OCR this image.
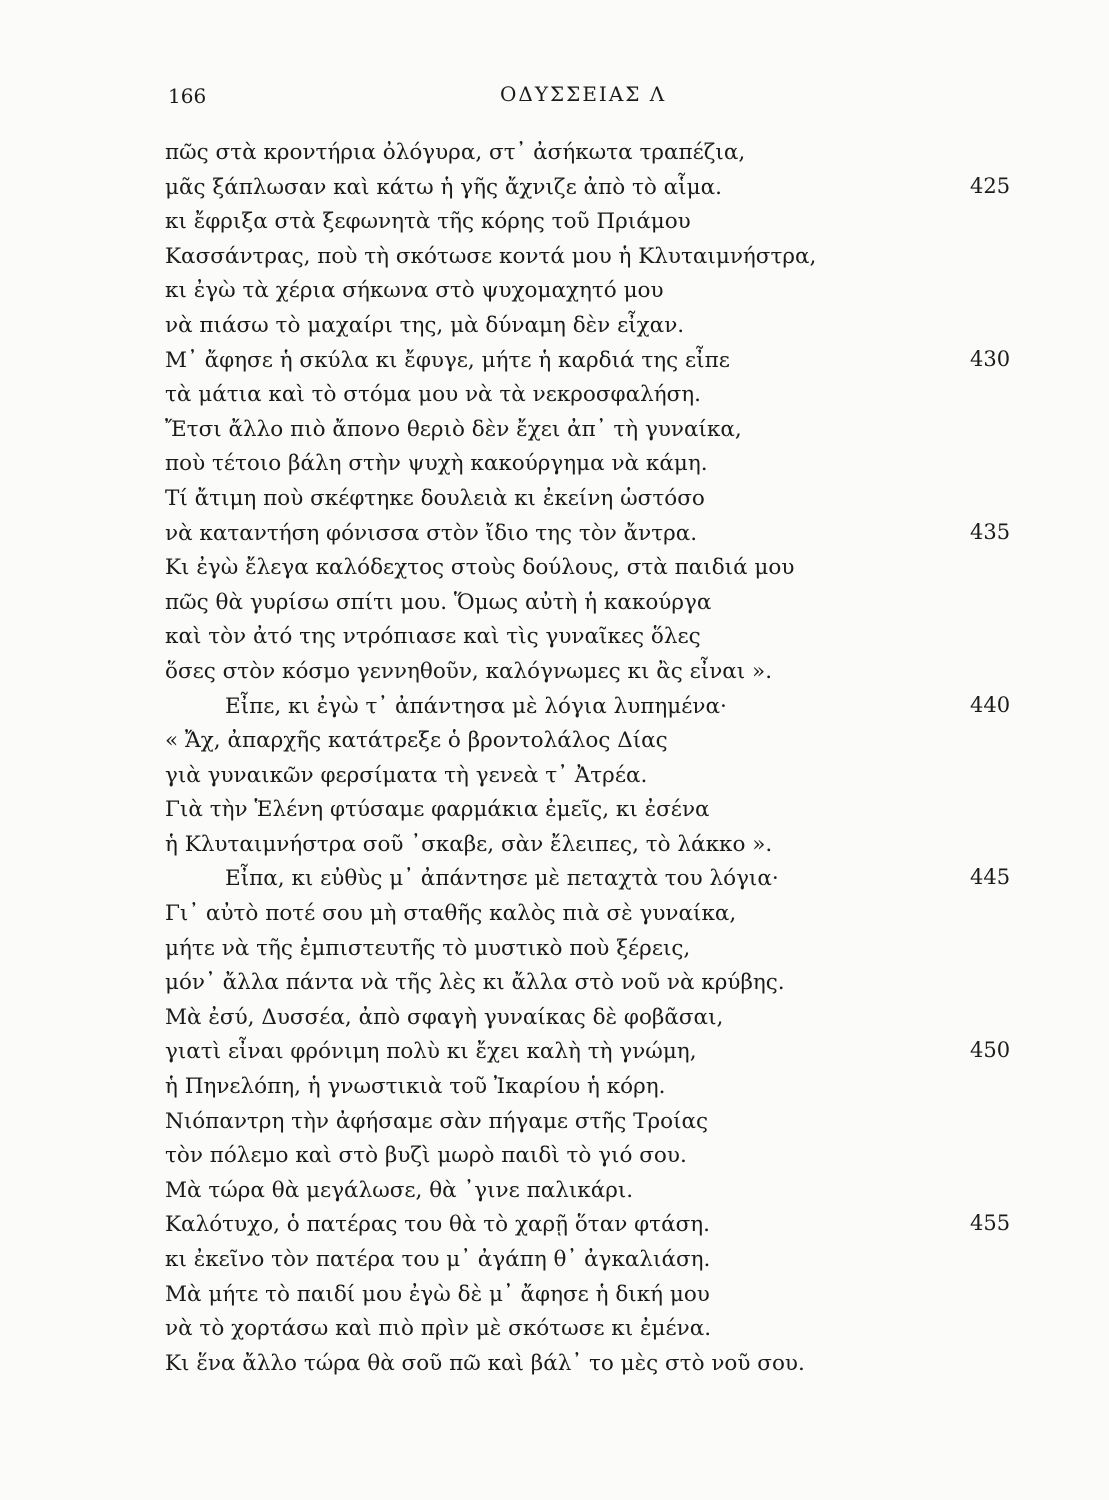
166	ΟΔΥΣΣΕΙΑΣ Λ
πῶς στὰ κροντήρια ὀλόγυρα, στ᾿ ἀσήκωτα τραπέζια,
μᾶς ξάπλωσαν καὶ κάτω ἡ γῆς ἄχνιζε ἀπὸ τὸ αἷμα.	425
κι ἔφριξα στὰ ξεφωνητὰ τῆς κόρης τοῦ Πριάμου
Κασσάντρας, ποὺ τὴ σκότωσε κοντά μου ἡ Κλυταιμνήστρα,
κι ἐγὼ τὰ χέρια σήκωνα στὸ ψυχομαχητό μου
νὰ πιάσω τὸ μαχαίρι της, μὰ δύναμη δὲν εἶχαν.
Μ᾿ ἄφησε ἡ σκύλα κι ἔφυγε, μήτε ἡ καρδιά της εἶπε	430
τὰ μάτια καὶ τὸ στόμα μου νὰ τὰ νεκροσφαλήση.
Ἔτσι ἄλλο πιὸ ἄπονο θεριὸ δὲν ἔχει ἀπ᾿ τὴ γυναίκα,
ποὺ τέτοιο βάλη στὴν ψυχὴ κακούργημα νὰ κάμη.
Τί ἄτιμη ποὺ σκέφτηκε δουλειὰ κι ἐκείνη ὡστόσο
νὰ καταντήση φόνισσα στὸν ἴδιο της τὸν ἄντρα.	435
Κι ἐγὼ ἔλεγα καλόδεχτος στοὺς δούλους, στὰ παιδιά μου
πῶς θὰ γυρίσω σπίτι μου. Ὅμως αὐτὴ ἡ κακούργα
καὶ τὸν ἀτό της ντρόπιασε καὶ τὶς γυναῖκες ὅλες
ὅσες στὸν κόσμο γεννηθοῦν, καλόγνωμες κι ἂς εἶναι ».
Εἶπε, κι ἐγὼ τ᾿ ἀπάντησα μὲ λόγια λυπημένα·	440
« Ἄχ, ἀπαρχῆς κατάτρεξε ὁ βροντολάλος Δίας
γιὰ γυναικῶν φερσίματα τὴ γενεὰ τ᾿ Ἀτρέα.
Γιὰ τὴν Ἑλένη φτύσαμε φαρμάκια ἐμεῖς, κι ἐσένα
ἡ Κλυταιμνήστρα σοῦ ᾿σκαβε, σὰν ἔλειπες, τὸ λάκκο ».
Εἶπα, κι εὐθὺς μ᾿ ἀπάντησε μὲ πεταχτὰ του λόγια·	445
Γι᾿ αὐτὸ ποτέ σου μὴ σταθῆς καλὸς πιὰ σὲ γυναίκα,
μήτε νὰ τῆς ἐμπιστευτῆς τὸ μυστικὸ ποὺ ξέρεις,
μόν᾿ ἄλλα πάντα νὰ τῆς λὲς κι ἄλλα στὸ νοῦ νὰ κρύβης.
Μὰ ἐσύ, Δυσσέα, ἀπὸ σφαγὴ γυναίκας δὲ φοβᾶσαι,
γιατὶ εἶναι φρόνιμη πολὺ κι ἔχει καλὴ τὴ γνώμη,	450
ἡ Πηνελόπη, ἡ γνωστικιὰ τοῦ Ἰκαρίου ἡ κόρη.
Νιόπαντρη τὴν ἀφήσαμε σὰν πήγαμε στῆς Τροίας
τὸν πόλεμο καὶ στὸ βυζὶ μωρὸ παιδὶ τὸ γιό σου.
Μὰ τώρα θὰ μεγάλωσε, θὰ ᾿γινε παλικάρι.
Καλότυχο, ὁ πατέρας του θὰ τὸ χαρῇ ὅταν φτάση.	455
κι ἐκεῖνο τὸν πατέρα του μ᾿ ἀγάπη θ᾿ ἀγκαλιάση.
Μὰ μήτε τὸ παιδί μου ἐγὼ δὲ μ᾿ ἄφησε ἡ δική μου
νὰ τὸ χορτάσω καὶ πιὸ πρὶν μὲ σκότωσε κι ἐμένα.
Κι ἕνα ἄλλο τώρα θὰ σοῦ πῶ καὶ βάλ᾿ το μὲς στὸ νοῦ σου.
